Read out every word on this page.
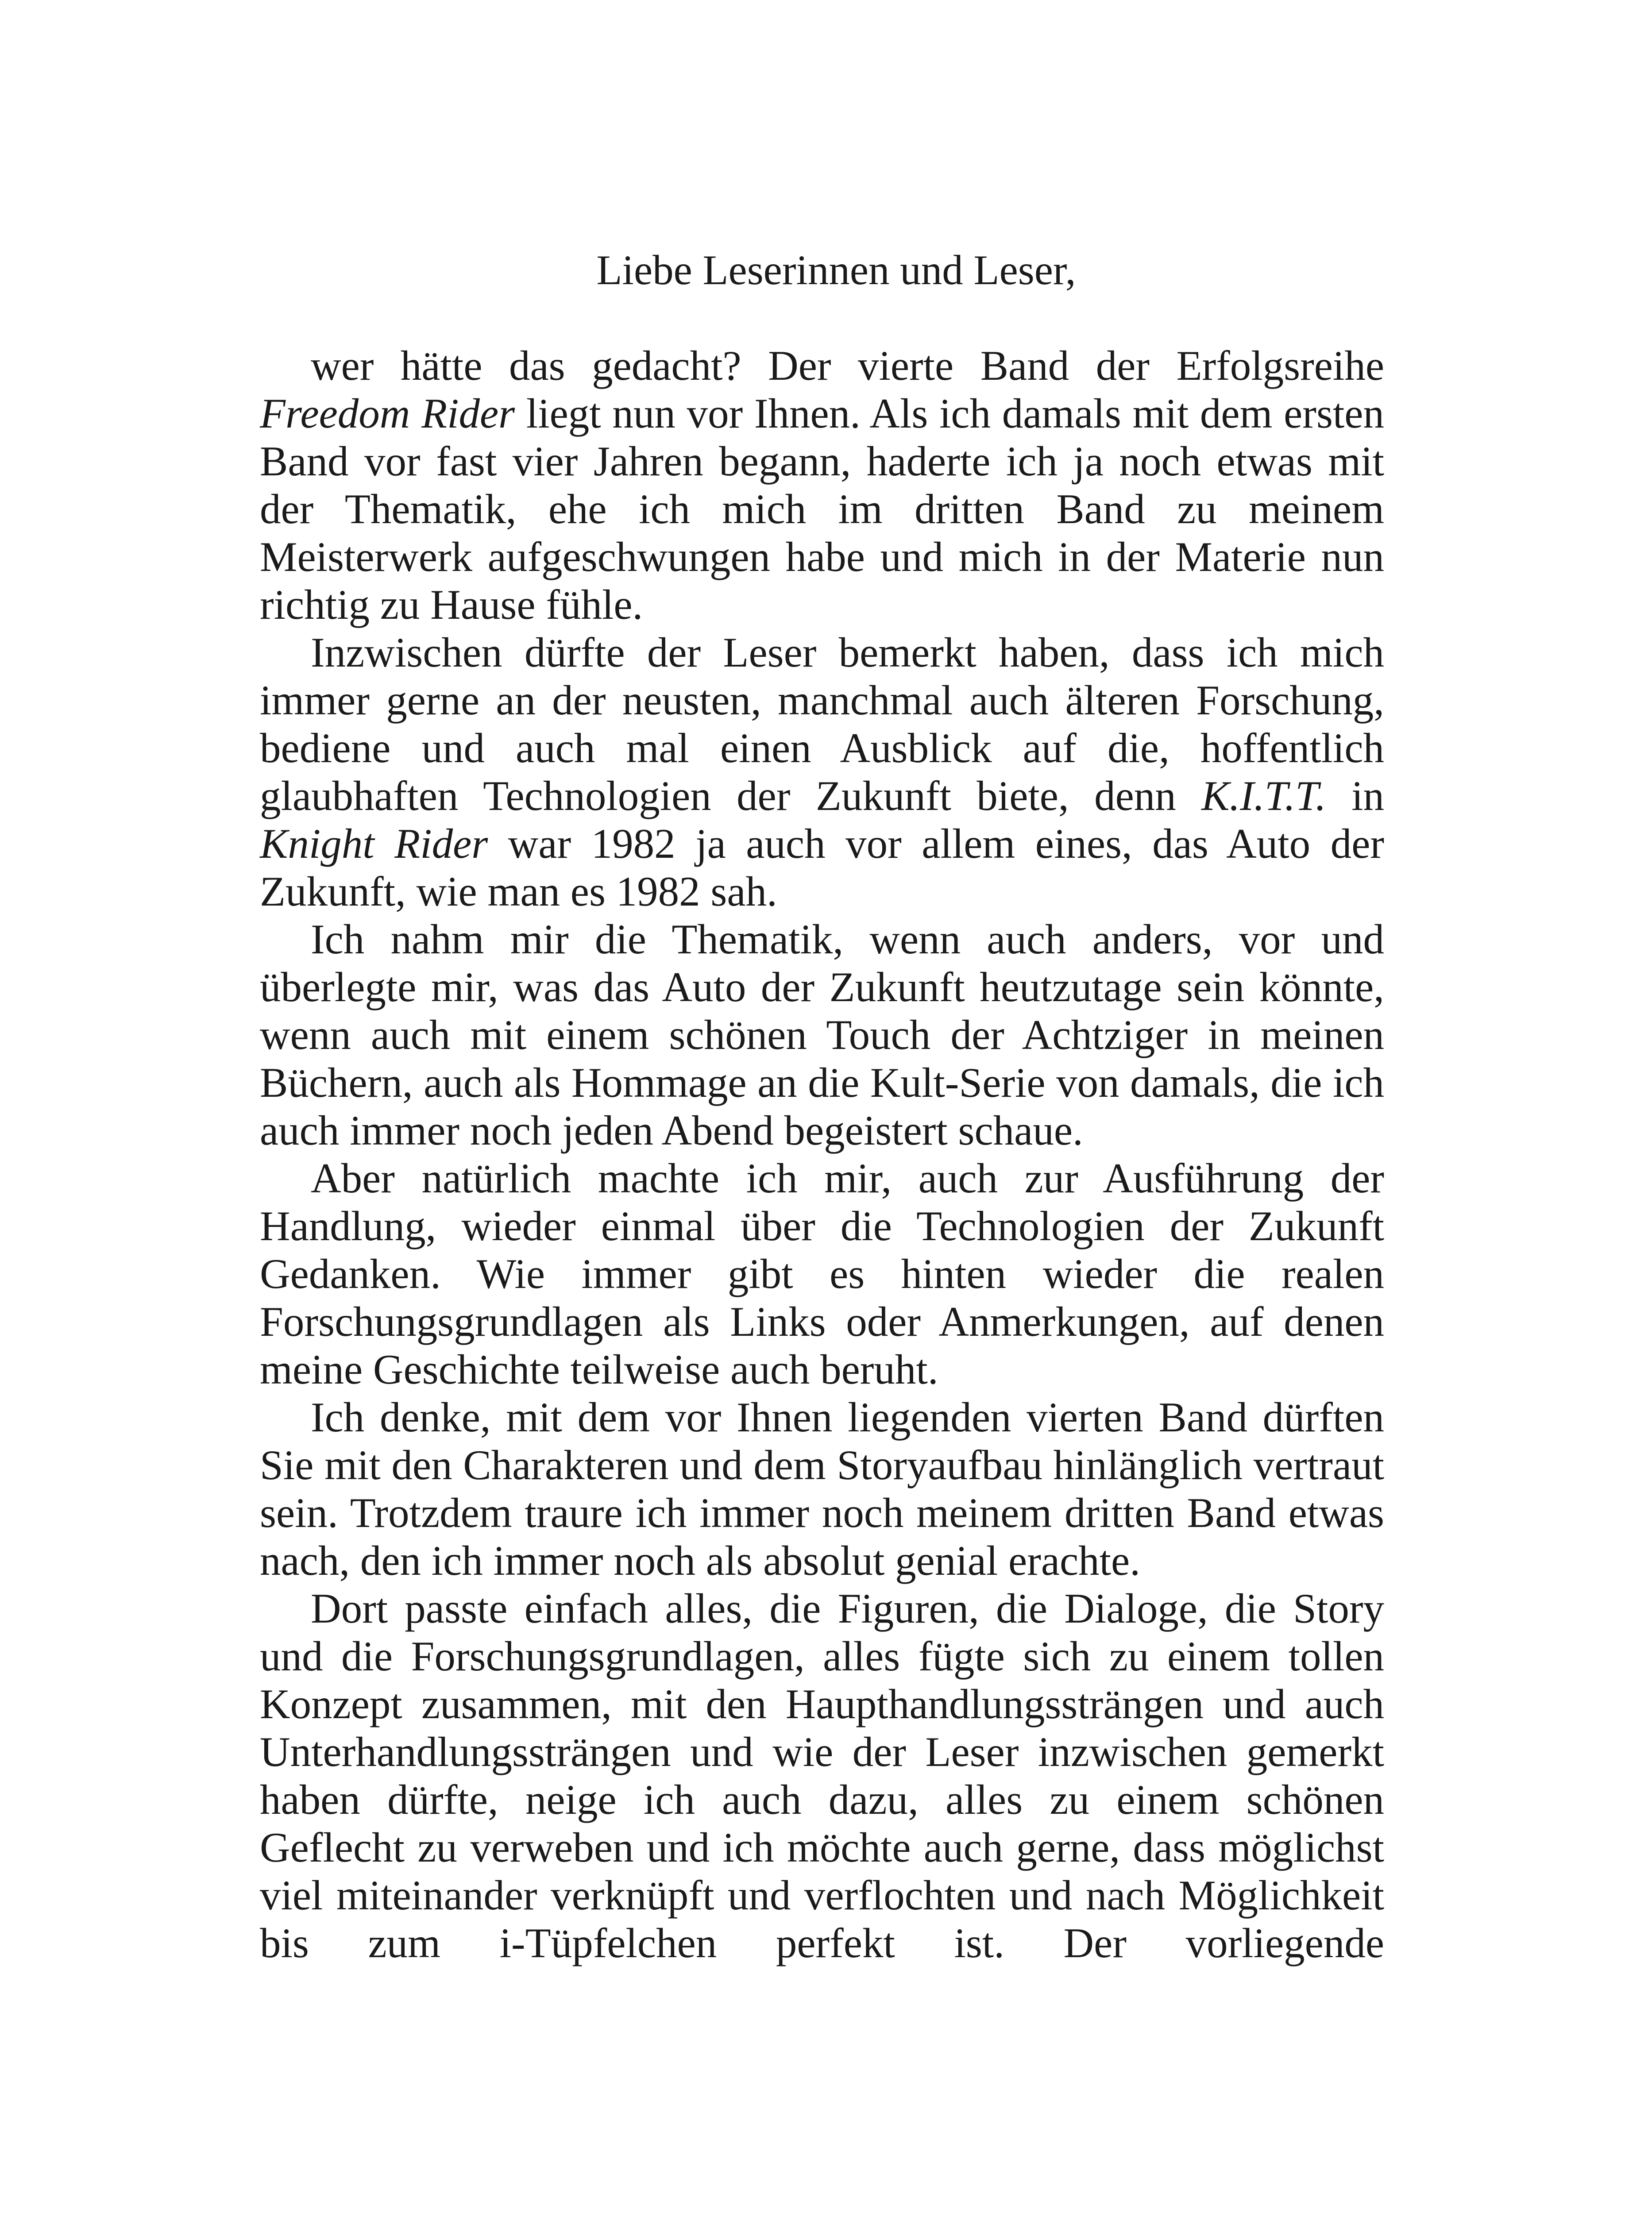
Liebe Leserinnen und Leser,

wer hätte das gedacht? Der vierte Band der Erfolgsreihe Freedom Rider liegt nun vor Ihnen. Als ich damals mit dem ersten Band vor fast vier Jahren begann, haderte ich ja noch etwas mit der Thematik, ehe ich mich im dritten Band zu meinem Meisterwerk aufgeschwungen habe und mich in der Materie nun richtig zu Hause fühle.

Inzwischen dürfte der Leser bemerkt haben, dass ich mich immer gerne an der neusten, manchmal auch älteren Forschung, bediene und auch mal einen Ausblick auf die, hoffentlich glaubhaften Technologien der Zukunft biete, denn K.I.T.T. in Knight Rider war 1982 ja auch vor allem eines, das Auto der Zukunft, wie man es 1982 sah.

Ich nahm mir die Thematik, wenn auch anders, vor und überlegte mir, was das Auto der Zukunft heutzutage sein könnte, wenn auch mit einem schönen Touch der Achtziger in meinen Büchern, auch als Hommage an die Kult-Serie von damals, die ich auch immer noch jeden Abend begeistert schaue.

Aber natürlich machte ich mir, auch zur Ausführung der Handlung, wieder einmal über die Technologien der Zukunft Gedanken. Wie immer gibt es hinten wieder die realen Forschungsgrundlagen als Links oder Anmerkungen, auf denen meine Geschichte teilweise auch beruht.

Ich denke, mit dem vor Ihnen liegenden vierten Band dürften Sie mit den Charakteren und dem Storyaufbau hinlänglich vertraut sein. Trotzdem traure ich immer noch meinem dritten Band etwas nach, den ich immer noch als absolut genial erachte.

Dort passte einfach alles, die Figuren, die Dialoge, die Story und die Forschungsgrundlagen, alles fügte sich zu einem tollen Konzept zusammen, mit den Haupthandlungssträngen und auch Unterhandlungssträngen und wie der Leser inzwischen gemerkt haben dürfte, neige ich auch dazu, alles zu einem schönen Geflecht zu verweben und ich möchte auch gerne, dass möglichst viel miteinander verknüpft und verflochten und nach Möglichkeit bis zum i-Tüpfelchen perfekt ist. Der vorliegende
